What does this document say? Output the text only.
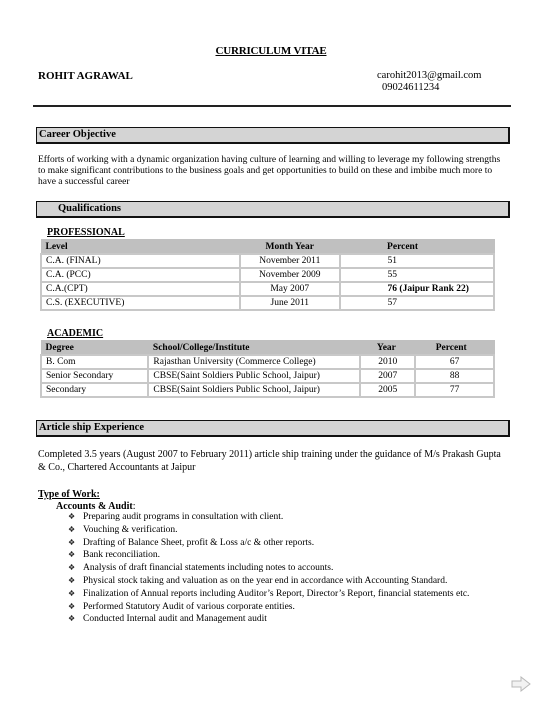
CURRICULUM VITAE
ROHIT AGRAWAL	carohit2013@gmail.com
09024611234
Career Objective
Efforts of working with a dynamic organization having culture of learning and willing to leverage my following strengths to make significant contributions to the business goals and get opportunities to build on these and imbibe much more to have a successful career
Qualifications
PROFESSIONAL
Level	Month Year	Percent
C.A. (FINAL)	November 2011	51
C.A. (PCC)	November 2009	55
C.A.(CPT)	May 2007	76 (Jaipur Rank 22)
C.S. (EXECUTIVE)	June 2011	57
ACADEMIC
Degree	School/College/Institute	Year	Percent
B. Com	Rajasthan University (Commerce College)	2010	67
Senior Secondary	CBSE(Saint Soldiers Public School, Jaipur)	2007	88
Secondary	CBSE(Saint Soldiers Public School, Jaipur)	2005	77
Article ship Experience
Completed 3.5 years (August 2007 to February 2011) article ship training under the guidance of M/s Prakash Gupta & Co., Chartered Accountants at Jaipur
Type of Work:
Accounts & Audit:
❖ Preparing audit programs in consultation with client.
❖ Vouching & verification.
❖ Drafting of Balance Sheet, profit & Loss a/c & other reports.
❖ Bank reconciliation.
❖ Analysis of draft financial statements including notes to accounts.
❖ Physical stock taking and valuation as on the year end in accordance with Accounting Standard.
❖ Finalization of Annual reports including Auditor’s Report, Director’s Report, financial statements etc.
❖ Performed Statutory Audit of various corporate entities.
❖ Conducted Internal audit and Management audit
